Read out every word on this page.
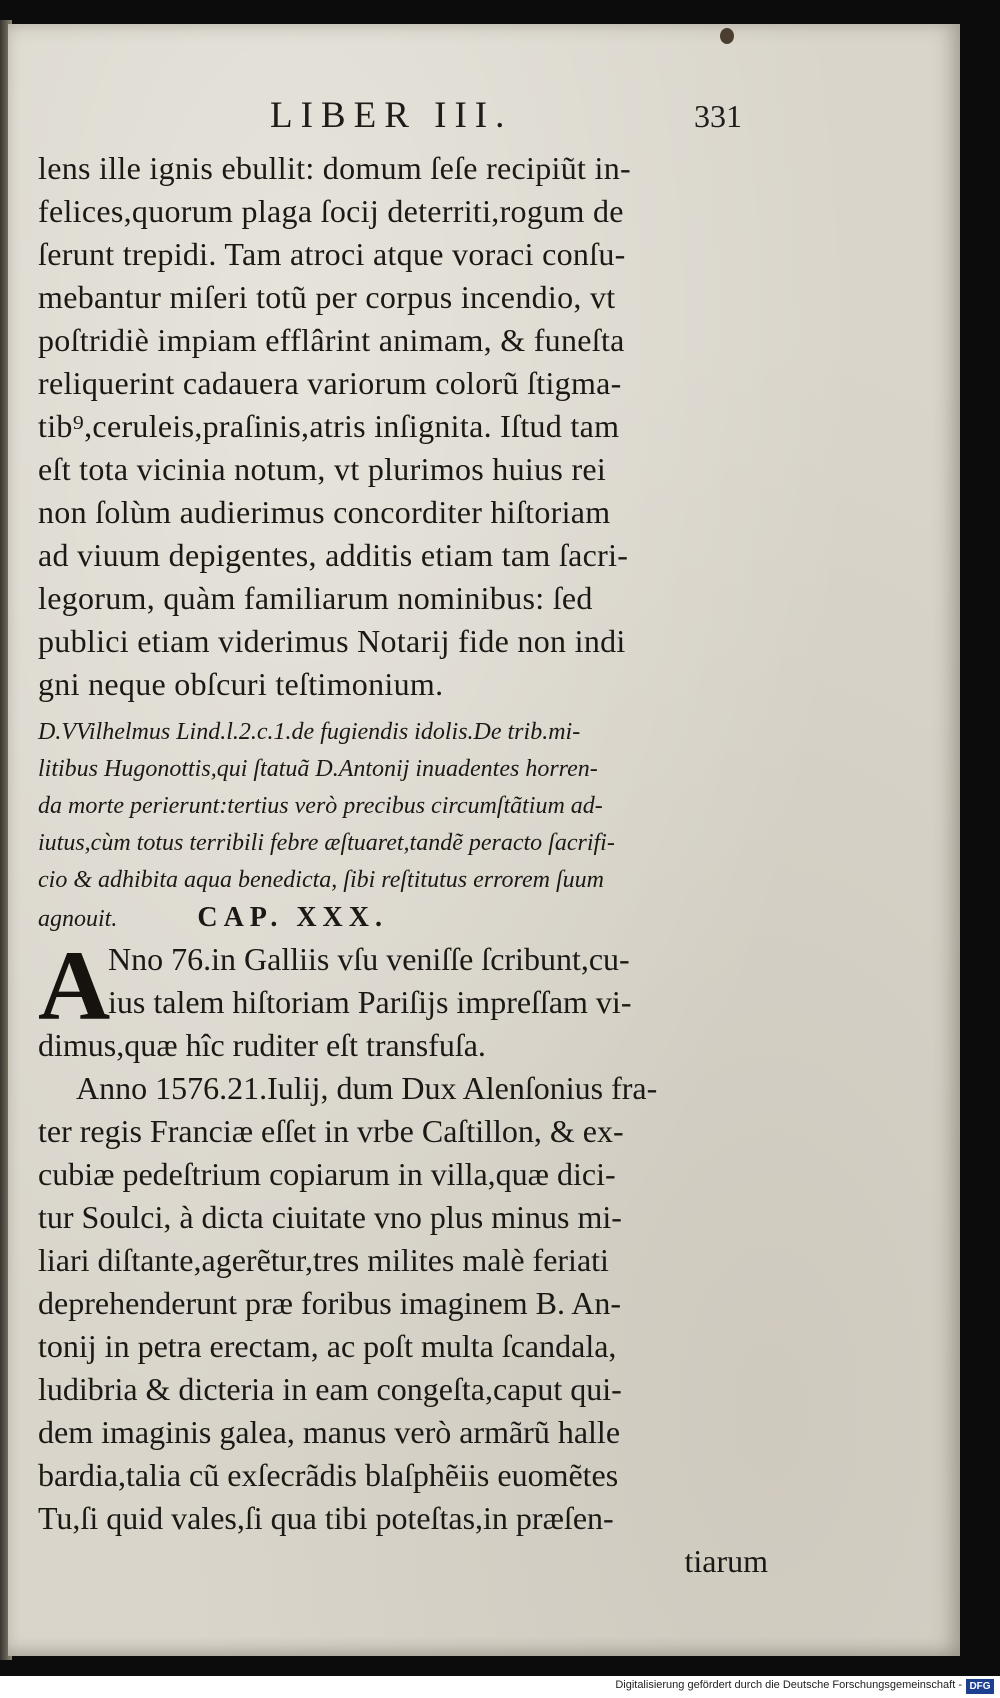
LIBER III.	331

lens ille ignis ebullit: domum ſeſe recipiũt in-

felices,quorum plaga ſocij deterriti,rogum de

ſerunt trepidi. Tam atroci atque voraci conſu-

mebantur miſeri totũ per corpus incendio, vt

poſtridiè impiam efflârint animam, & funeſta

reliquerint cadauera variorum colorũ ſtigma-

tib⁹,ceruleis,praſinis,atris inſignita. Iſtud tam

eſt tota vicinia notum, vt plurimos huius rei

non ſolùm audierimus concorditer hiſtoriam

ad viuum depigentes, additis etiam tam ſacri-

legorum, quàm familiarum nominibus: ſed

publici etiam viderimus Notarij fide non indi

gni neque obſcuri teſtimonium.

D.VVilhelmus Lind.l.2.c.1.de fugiendis idolis.De trib.mi-

litibus Hugonottis,qui ſtatuã D.Antonij inuadentes horren-

da morte perierunt:tertius verò precibus circumſtãtium ad-

iutus,cùm totus terribili febre æſtuaret,tandẽ peracto ſacrifi-

cio & adhibita aqua benedicta, ſibi reſtitutus errorem ſuum

agnouit.	CAP. XXX.

A

Nno 76.in Galliis vſu veniſſe ſcribunt,cu-

ius talem hiſtoriam Pariſijs impreſſam vi-

dimus,quæ hîc ruditer eſt transfuſa.

Anno 1576.21.Iulij, dum Dux Alenſonius fra-

ter regis Franciæ eſſet in vrbe Caſtillon, & ex-

cubiæ pedeſtrium copiarum in villa,quæ dici-

tur Soulci, à dicta ciuitate vno plus minus mi-

liari diſtante,agerẽtur,tres milites malè feriati

deprehenderunt præ foribus imaginem B. An-

tonij in petra erectam, ac poſt multa ſcandala,

ludibria & dicteria in eam congeſta,caput qui-

dem imaginis galea, manus verò armãrũ halle

bardia,talia cũ exſecrãdis blaſphẽiis euomẽtes

Tu,ſi quid vales,ſi qua tibi poteſtas,in præſen-

tiarum

Digitalisierung gefördert durch die Deutsche Forschungsgemeinschaft - DFG
